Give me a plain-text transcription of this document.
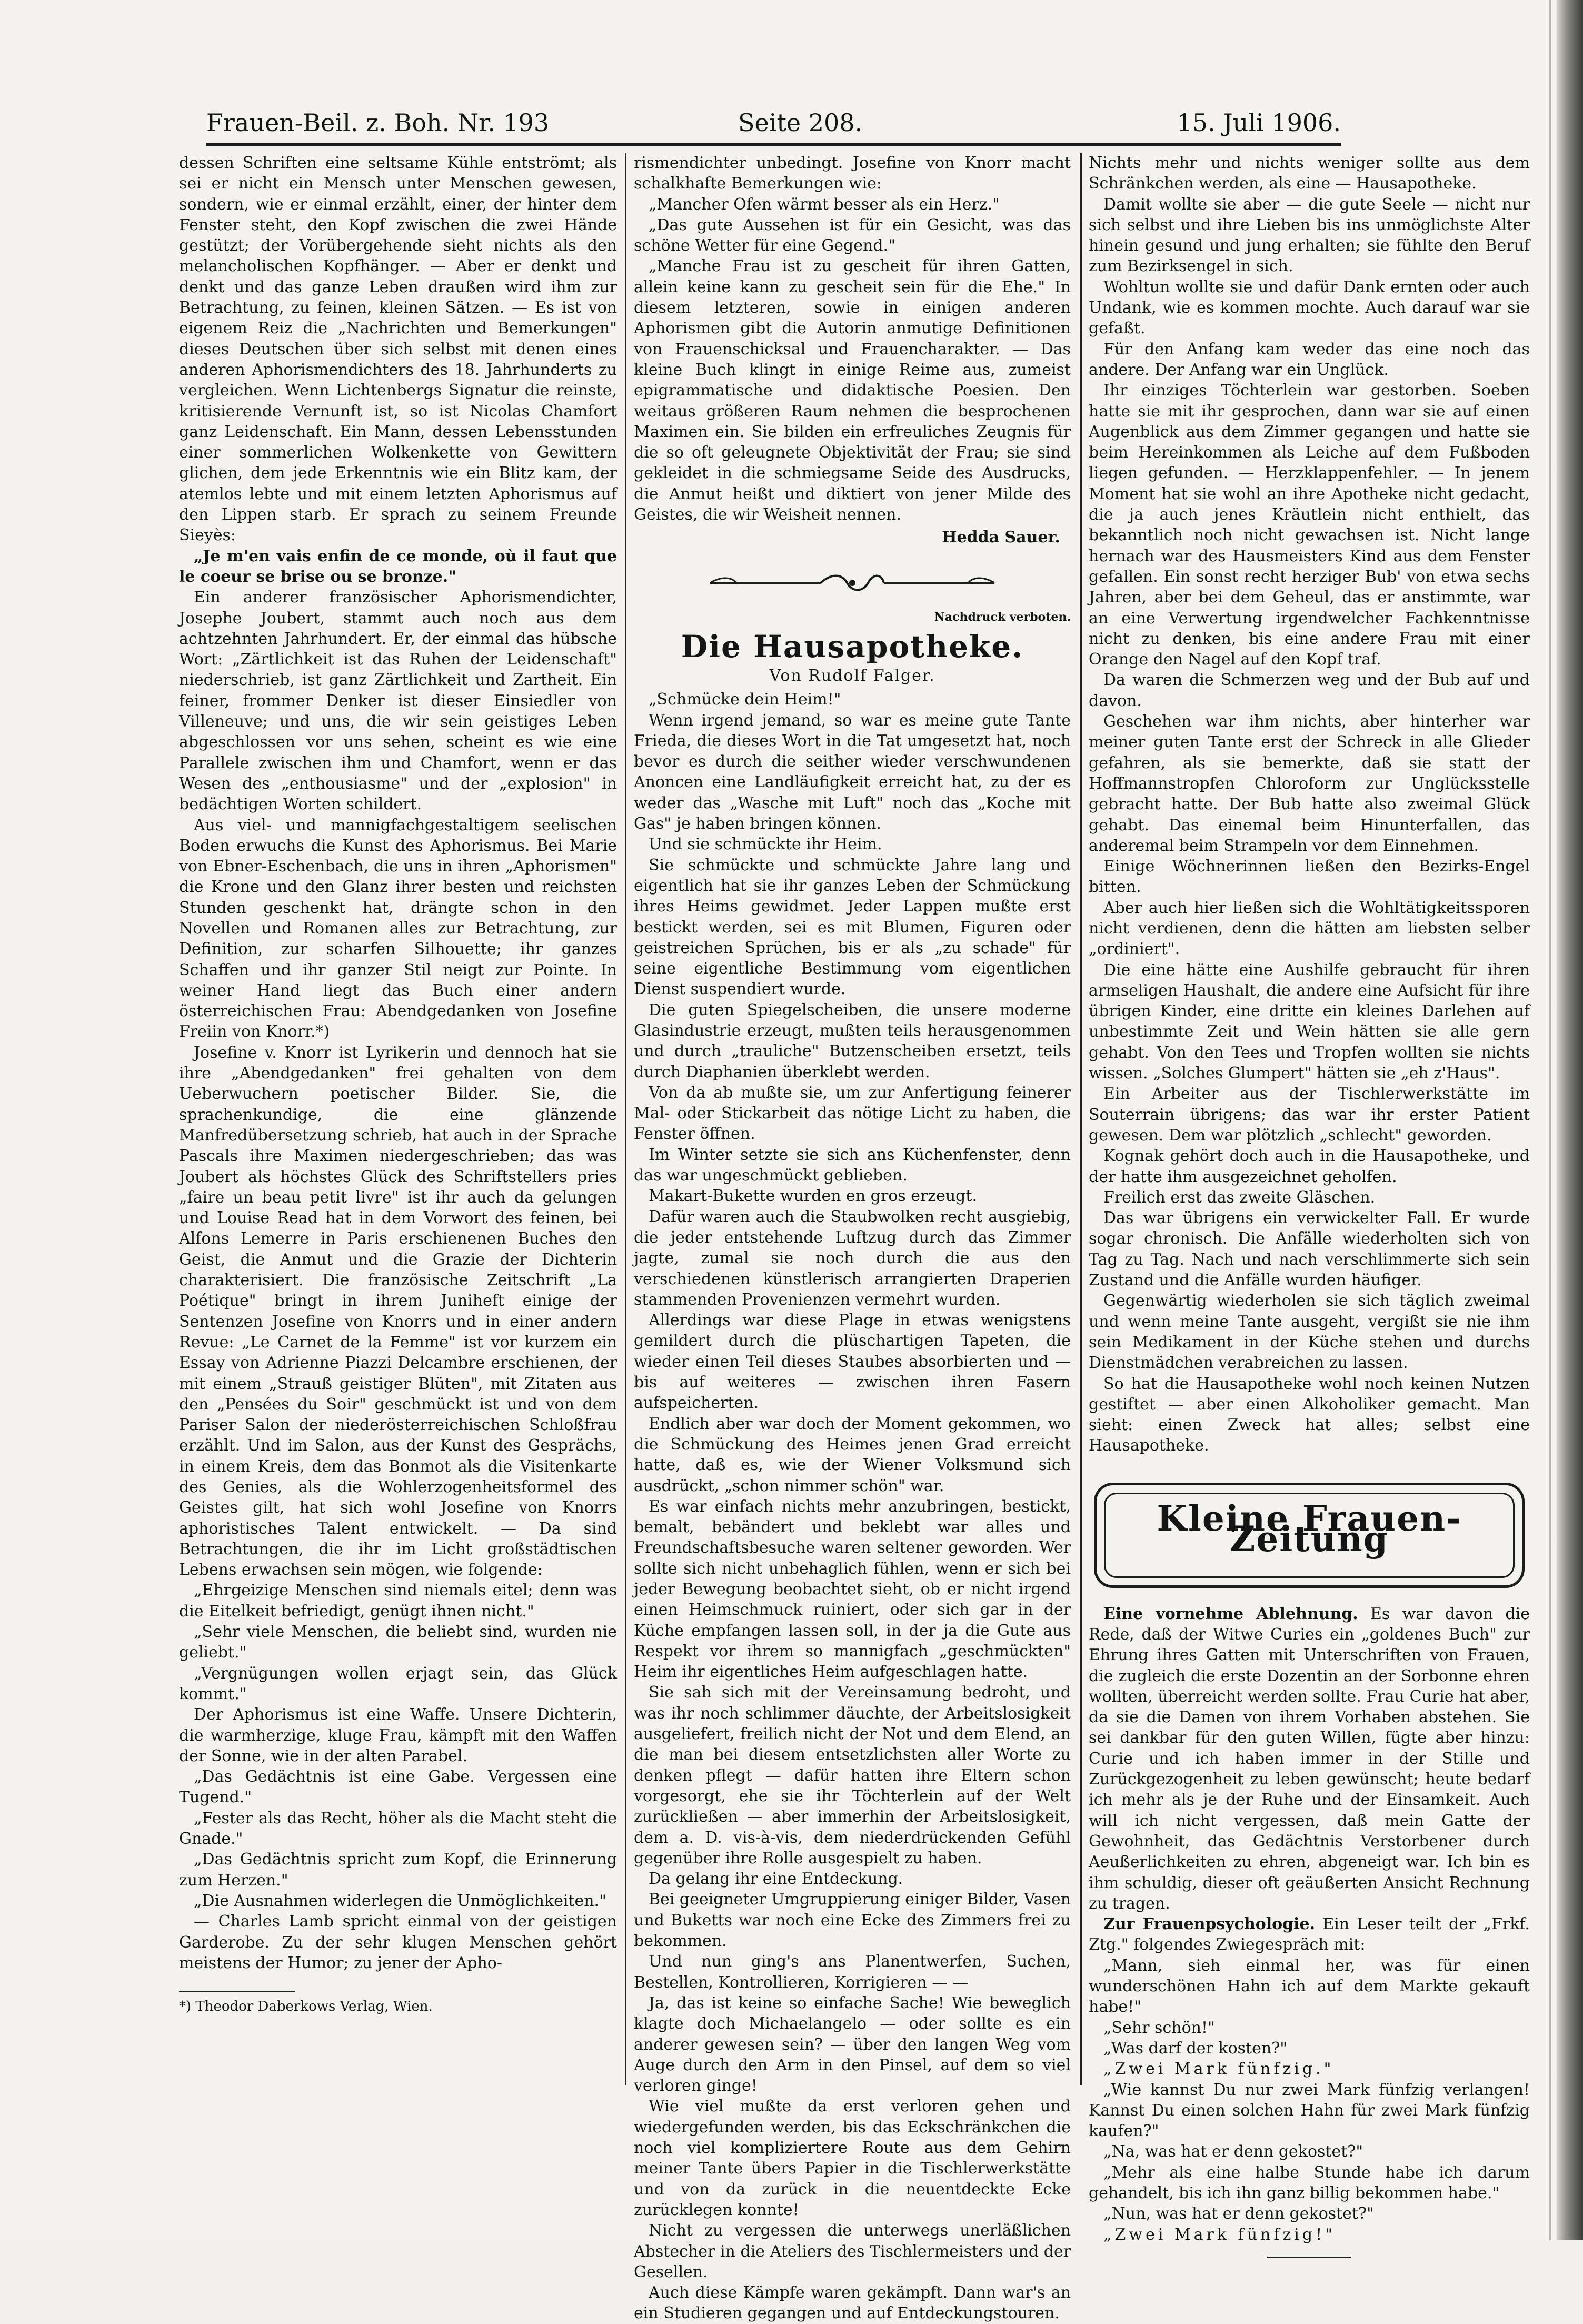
Frauen-Beil. z. Boh. Nr. 193	Seite 208.	15. Juli 1906.

dessen Schriften eine seltsame Kühle entströmt; als sei er nicht ein Mensch unter Menschen gewesen, sondern, wie er einmal erzählt, einer, der hinter dem Fenster steht, den Kopf zwischen die zwei Hände gestützt; der Vorübergehende sieht nichts als den melancholischen Kopfhänger. — Aber er denkt und denkt und das ganze Leben draußen wird ihm zur Betrachtung, zu feinen, kleinen Sätzen. — Es ist von eigenem Reiz die „Nachrichten und Bemerkungen" dieses Deutschen über sich selbst mit denen eines anderen Aphorismendichters des 18. Jahrhunderts zu vergleichen. Wenn Lichtenbergs Signatur die reinste, kritisierende Vernunft ist, so ist Nicolas Chamfort ganz Leidenschaft. Ein Mann, dessen Lebensstunden einer sommerlichen Wolkenkette von Gewittern glichen, dem jede Erkenntnis wie ein Blitz kam, der atemlos lebte und mit einem letzten Aphorismus auf den Lippen starb. Er sprach zu seinem Freunde Sieyès:

„Je m'en vais enfin de ce monde, où il faut que le coeur se brise ou se bronze."

Ein anderer französischer Aphorismendichter, Josephe Joubert, stammt auch noch aus dem achtzehnten Jahrhundert. Er, der einmal das hübsche Wort: „Zärtlichkeit ist das Ruhen der Leidenschaft" niederschrieb, ist ganz Zärtlichkeit und Zartheit. Ein feiner, frommer Denker ist dieser Einsiedler von Villeneuve; und uns, die wir sein geistiges Leben abgeschlossen vor uns sehen, scheint es wie eine Parallele zwischen ihm und Chamfort, wenn er das Wesen des „enthousiasme" und der „explosion" in bedächtigen Worten schildert.

Aus viel- und mannigfachgestaltigem seelischen Boden erwuchs die Kunst des Aphorismus. Bei Marie von Ebner-Eschenbach, die uns in ihren „Aphorismen" die Krone und den Glanz ihrer besten und reichsten Stunden geschenkt hat, drängte schon in den Novellen und Romanen alles zur Betrachtung, zur Definition, zur scharfen Silhouette; ihr ganzes Schaffen und ihr ganzer Stil neigt zur Pointe. In weiner Hand liegt das Buch einer andern österreichischen Frau: Abendgedanken von Josefine Freiin von Knorr.*)

Josefine v. Knorr ist Lyrikerin und dennoch hat sie ihre „Abendgedanken" frei gehalten von dem Ueberwuchern poetischer Bilder. Sie, die sprachenkundige, die eine glänzende Manfredübersetzung schrieb, hat auch in der Sprache Pascals ihre Maximen niedergeschrieben; das was Joubert als höchstes Glück des Schriftstellers pries „faire un beau petit livre" ist ihr auch da gelungen und Louise Read hat in dem Vorwort des feinen, bei Alfons Lemerre in Paris erschienenen Buches den Geist, die Anmut und die Grazie der Dichterin charakterisiert. Die französische Zeitschrift „La Poétique" bringt in ihrem Juniheft einige der Sentenzen Josefine von Knorrs und in einer andern Revue: „Le Carnet de la Femme" ist vor kurzem ein Essay von Adrienne Piazzi Delcambre erschienen, der mit einem „Strauß geistiger Blüten", mit Zitaten aus den „Pensées du Soir" geschmückt ist und von dem Pariser Salon der niederösterreichischen Schloßfrau erzählt. Und im Salon, aus der Kunst des Gesprächs, in einem Kreis, dem das Bonmot als die Visitenkarte des Genies, als die Wohlerzogenheitsformel des Geistes gilt, hat sich wohl Josefine von Knorrs aphoristisches Talent entwickelt. — Da sind Betrachtungen, die ihr im Licht großstädtischen Lebens erwachsen sein mögen, wie folgende:

„Ehrgeizige Menschen sind niemals eitel; denn was die Eitelkeit befriedigt, genügt ihnen nicht."

„Sehr viele Menschen, die beliebt sind, wurden nie geliebt."

„Vergnügungen wollen erjagt sein, das Glück kommt."

Der Aphorismus ist eine Waffe. Unsere Dichterin, die warmherzige, kluge Frau, kämpft mit den Waffen der Sonne, wie in der alten Parabel.

„Das Gedächtnis ist eine Gabe. Vergessen eine Tugend."

„Fester als das Recht, höher als die Macht steht die Gnade."

„Das Gedächtnis spricht zum Kopf, die Erinnerung zum Herzen."

„Die Ausnahmen widerlegen die Unmöglichkeiten."

— Charles Lamb spricht einmal von der geistigen Garderobe. Zu der sehr klugen Menschen gehört meistens der Humor; zu jener der Apho-

*) Theodor Daberkows Verlag, Wien.

rismendichter unbedingt. Josefine von Knorr macht schalkhafte Bemerkungen wie:

„Mancher Ofen wärmt besser als ein Herz."

„Das gute Aussehen ist für ein Gesicht, was das schöne Wetter für eine Gegend."

„Manche Frau ist zu gescheit für ihren Gatten, allein keine kann zu gescheit sein für die Ehe." In diesem letzteren, sowie in einigen anderen Aphorismen gibt die Autorin anmutige Definitionen von Frauenschicksal und Frauencharakter. — Das kleine Buch klingt in einige Reime aus, zumeist epigrammatische und didaktische Poesien. Den weitaus größeren Raum nehmen die besprochenen Maximen ein. Sie bilden ein erfreuliches Zeugnis für die so oft geleugnete Objektivität der Frau; sie sind gekleidet in die schmiegsame Seide des Ausdrucks, die Anmut heißt und diktiert von jener Milde des Geistes, die wir Weisheit nennen.

Hedda Sauer.

Nachdruck verboten.

Die Hausapotheke.

Von Rudolf Falger.

„Schmücke dein Heim!"

Wenn irgend jemand, so war es meine gute Tante Frieda, die dieses Wort in die Tat umgesetzt hat, noch bevor es durch die seither wieder verschwundenen Anoncen eine Landläufigkeit erreicht hat, zu der es weder das „Wasche mit Luft" noch das „Koche mit Gas" je haben bringen können.

Und sie schmückte ihr Heim.

Sie schmückte und schmückte Jahre lang und eigentlich hat sie ihr ganzes Leben der Schmückung ihres Heims gewidmet. Jeder Lappen mußte erst bestickt werden, sei es mit Blumen, Figuren oder geistreichen Sprüchen, bis er als „zu schade" für seine eigentliche Bestimmung vom eigentlichen Dienst suspendiert wurde.

Die guten Spiegelscheiben, die unsere moderne Glasindustrie erzeugt, mußten teils herausgenommen und durch „trauliche" Butzenscheiben ersetzt, teils durch Diaphanien überklebt werden.

Von da ab mußte sie, um zur Anfertigung feinerer Mal- oder Stickarbeit das nötige Licht zu haben, die Fenster öffnen.

Im Winter setzte sie sich ans Küchenfenster, denn das war ungeschmückt geblieben.

Makart-Bukette wurden en gros erzeugt.

Dafür waren auch die Staubwolken recht ausgiebig, die jeder entstehende Luftzug durch das Zimmer jagte, zumal sie noch durch die aus den verschiedenen künstlerisch arrangierten Draperien stammenden Provenienzen vermehrt wurden.

Allerdings war diese Plage in etwas wenigstens gemildert durch die plüschartigen Tapeten, die wieder einen Teil dieses Staubes absorbierten und — bis auf weiteres — zwischen ihren Fasern aufspeicherten.

Endlich aber war doch der Moment gekommen, wo die Schmückung des Heimes jenen Grad erreicht hatte, daß es, wie der Wiener Volksmund sich ausdrückt, „schon nimmer schön" war.

Es war einfach nichts mehr anzubringen, bestickt, bemalt, bebändert und beklebt war alles und Freundschaftsbesuche waren seltener geworden. Wer sollte sich nicht unbehaglich fühlen, wenn er sich bei jeder Bewegung beobachtet sieht, ob er nicht irgend einen Heimschmuck ruiniert, oder sich gar in der Küche empfangen lassen soll, in der ja die Gute aus Respekt vor ihrem so mannigfach „geschmückten" Heim ihr eigentliches Heim aufgeschlagen hatte.

Sie sah sich mit der Vereinsamung bedroht, und was ihr noch schlimmer däuchte, der Arbeitslosigkeit ausgeliefert, freilich nicht der Not und dem Elend, an die man bei diesem entsetzlichsten aller Worte zu denken pflegt — dafür hatten ihre Eltern schon vorgesorgt, ehe sie ihr Töchterlein auf der Welt zurückließen — aber immerhin der Arbeitslosigkeit, dem a. D. vis-à-vis, dem niederdrückenden Gefühl gegenüber ihre Rolle ausgespielt zu haben.

Da gelang ihr eine Entdeckung.

Bei geeigneter Umgruppierung einiger Bilder, Vasen und Buketts war noch eine Ecke des Zimmers frei zu bekommen.

Und nun ging's ans Planentwerfen, Suchen, Bestellen, Kontrollieren, Korrigieren — —

Ja, das ist keine so einfache Sache! Wie beweglich klagte doch Michaelangelo — oder sollte es ein anderer gewesen sein? — über den langen Weg vom Auge durch den Arm in den Pinsel, auf dem so viel verloren ginge!

Wie viel mußte da erst verloren gehen und wiedergefunden werden, bis das Eckschränkchen die noch viel kompliziertere Route aus dem Gehirn meiner Tante übers Papier in die Tischlerwerkstätte und von da zurück in die neuentdeckte Ecke zurücklegen konnte!

Nicht zu vergessen die unterwegs unerläßlichen Abstecher in die Ateliers des Tischlermeisters und der Gesellen.

Auch diese Kämpfe waren gekämpft. Dann war's an ein Studieren gegangen und auf Entdeckungstouren.

Nichts mehr und nichts weniger sollte aus dem Schränkchen werden, als eine — Hausapotheke.

Damit wollte sie aber — die gute Seele — nicht nur sich selbst und ihre Lieben bis ins unmöglichste Alter hinein gesund und jung erhalten; sie fühlte den Beruf zum Bezirksengel in sich.

Wohltun wollte sie und dafür Dank ernten oder auch Undank, wie es kommen mochte. Auch darauf war sie gefaßt.

Für den Anfang kam weder das eine noch das andere. Der Anfang war ein Unglück.

Ihr einziges Töchterlein war gestorben. Soeben hatte sie mit ihr gesprochen, dann war sie auf einen Augenblick aus dem Zimmer gegangen und hatte sie beim Hereinkommen als Leiche auf dem Fußboden liegen gefunden. — Herzklappenfehler. — In jenem Moment hat sie wohl an ihre Apotheke nicht gedacht, die ja auch jenes Kräutlein nicht enthielt, das bekanntlich noch nicht gewachsen ist. Nicht lange hernach war des Hausmeisters Kind aus dem Fenster gefallen. Ein sonst recht herziger Bub' von etwa sechs Jahren, aber bei dem Geheul, das er anstimmte, war an eine Verwertung irgendwelcher Fachkenntnisse nicht zu denken, bis eine andere Frau mit einer Orange den Nagel auf den Kopf traf.

Da waren die Schmerzen weg und der Bub auf und davon.

Geschehen war ihm nichts, aber hinterher war meiner guten Tante erst der Schreck in alle Glieder gefahren, als sie bemerkte, daß sie statt der Hoffmannstropfen Chloroform zur Unglücksstelle gebracht hatte. Der Bub hatte also zweimal Glück gehabt. Das einemal beim Hinunterfallen, das anderemal beim Strampeln vor dem Einnehmen.

Einige Wöchnerinnen ließen den Bezirks-Engel bitten.

Aber auch hier ließen sich die Wohltätigkeitssporen nicht verdienen, denn die hätten am liebsten selber „ordiniert".

Die eine hätte eine Aushilfe gebraucht für ihren armseligen Haushalt, die andere eine Aufsicht für ihre übrigen Kinder, eine dritte ein kleines Darlehen auf unbestimmte Zeit und Wein hätten sie alle gern gehabt. Von den Tees und Tropfen wollten sie nichts wissen. „Solches Glumpert" hätten sie „eh z'Haus".

Ein Arbeiter aus der Tischlerwerkstätte im Souterrain übrigens; das war ihr erster Patient gewesen. Dem war plötzlich „schlecht" geworden.

Kognak gehört doch auch in die Hausapotheke, und der hatte ihm ausgezeichnet geholfen.

Freilich erst das zweite Gläschen.

Das war übrigens ein verwickelter Fall. Er wurde sogar chronisch. Die Anfälle wiederholten sich von Tag zu Tag. Nach und nach verschlimmerte sich sein Zustand und die Anfälle wurden häufiger.

Gegenwärtig wiederholen sie sich täglich zweimal und wenn meine Tante ausgeht, vergißt sie nie ihm sein Medikament in der Küche stehen und durchs Dienstmädchen verabreichen zu lassen.

So hat die Hausapotheke wohl noch keinen Nutzen gestiftet — aber einen Alkoholiker gemacht. Man sieht: einen Zweck hat alles; selbst eine Hausapotheke.

Kleine Frauen-Zeitung

Eine vornehme Ablehnung. Es war davon die Rede, daß der Witwe Curies ein „goldenes Buch" zur Ehrung ihres Gatten mit Unterschriften von Frauen, die zugleich die erste Dozentin an der Sorbonne ehren wollten, überreicht werden sollte. Frau Curie hat aber, da sie die Damen von ihrem Vorhaben abstehen. Sie sei dankbar für den guten Willen, fügte aber hinzu: Curie und ich haben immer in der Stille und Zurückgezogenheit zu leben gewünscht; heute bedarf ich mehr als je der Ruhe und der Einsamkeit. Auch will ich nicht vergessen, daß mein Gatte der Gewohnheit, das Gedächtnis Verstorbener durch Aeußerlichkeiten zu ehren, abgeneigt war. Ich bin es ihm schuldig, dieser oft geäußerten Ansicht Rechnung zu tragen.

Zur Frauenpsychologie. Ein Leser teilt der „Frkf. Ztg." folgendes Zwiegespräch mit:

„Mann, sieh einmal her, was für einen wunderschönen Hahn ich auf dem Markte gekauft habe!"

„Sehr schön!"

„Was darf der kosten?"

„Zwei Mark fünfzig."

„Wie kannst Du nur zwei Mark fünfzig verlangen! Kannst Du einen solchen Hahn für zwei Mark fünfzig kaufen?"

„Na, was hat er denn gekostet?"

„Mehr als eine halbe Stunde habe ich darum gehandelt, bis ich ihn ganz billig bekommen habe."

„Nun, was hat er denn gekostet?"

„Zwei Mark fünfzig!"
